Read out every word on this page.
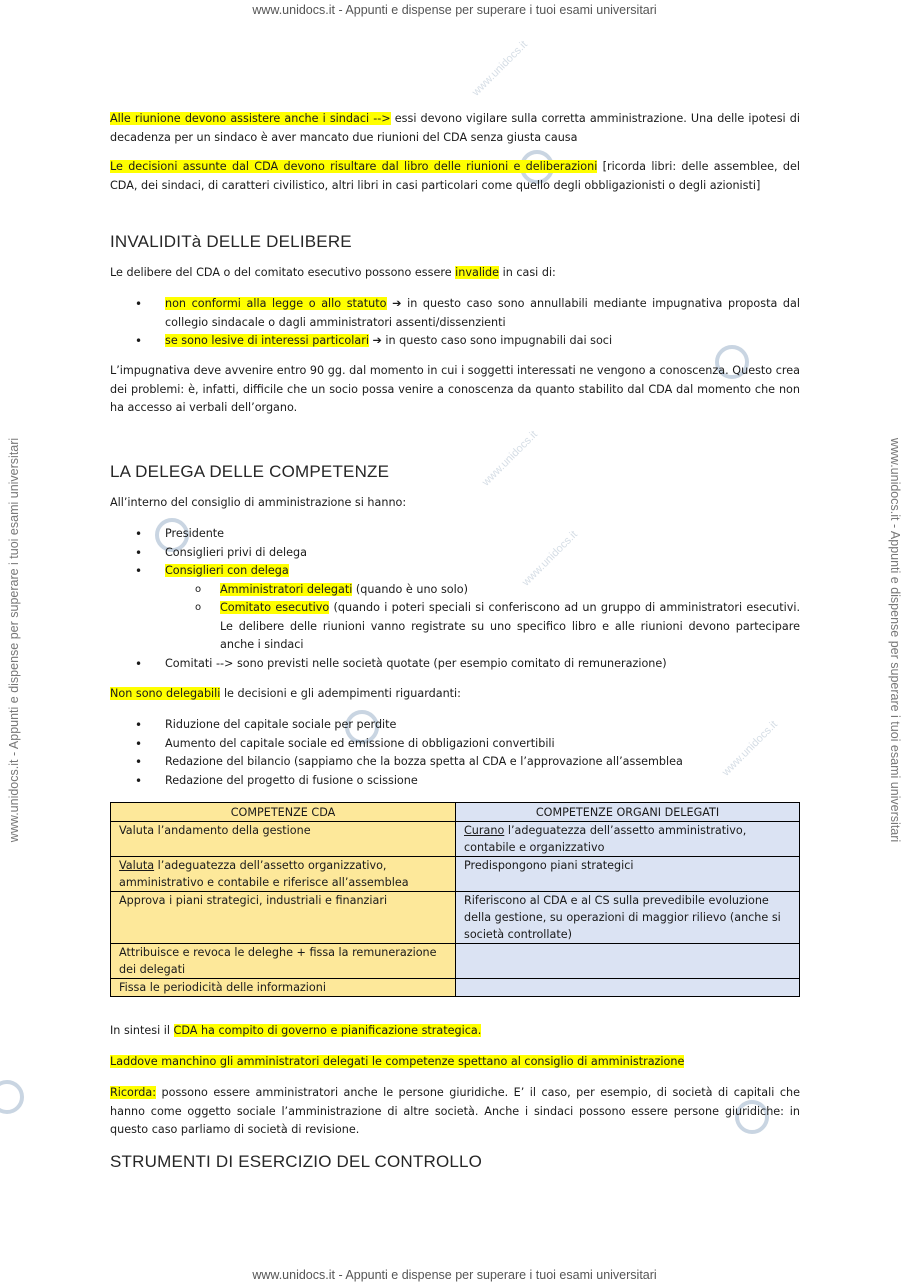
www.unidocs.it - Appunti e dispense per superare i tuoi esami universitari
www.unidocs.it - Appunti e dispense per superare i tuoi esami universitari
www.unidocs.it - Appunti e dispense per superare i tuoi esami universitari	www.unidocs.it - Appunti e dispense per superare i tuoi esami universitari
www.unidocs.it
www.unidocs.it
www.unidocs.it
www.unidocs.it

Alle riunione devono assistere anche i sindaci --> essi devono vigilare sulla corretta amministrazione. Una delle ipotesi di decadenza per un sindaco è aver mancato due riunioni del CDA senza giusta causa

Le decisioni assunte dal CDA devono risultare dal libro delle riunioni e deliberazioni [ricorda libri: delle assemblee, del CDA, dei sindaci, di caratteri civilistico, altri libri in casi particolari come quello degli obbligazionisti o degli azionisti]

INVALIDITà DELLE DELIBERE

Le delibere del CDA o del comitato esecutivo possono essere invalide in casi di:

• non conformi alla legge o allo statuto ➔ in questo caso sono annullabili mediante impugnativa proposta dal collegio sindacale o dagli amministratori assenti/dissenzienti
• se sono lesive di interessi particolari ➔ in questo caso sono impugnabili dai soci

L’impugnativa deve avvenire entro 90 gg. dal momento in cui i soggetti interessati ne vengono a conoscenza. Questo crea dei problemi: è, infatti, difficile che un socio possa venire a conoscenza da quanto stabilito dal CDA dal momento che non ha accesso ai verbali dell’organo.

LA DELEGA DELLE COMPETENZE

All’interno del consiglio di amministrazione si hanno:

• Presidente
• Consiglieri privi di delega
• Consiglieri con delega
o Amministratori delegati (quando è uno solo)
o Comitato esecutivo (quando i poteri speciali si conferiscono ad un gruppo di amministratori esecutivi. Le delibere delle riunioni vanno registrate su uno specifico libro e alle riunioni devono partecipare anche i sindaci
• Comitati --> sono previsti nelle società quotate (per esempio comitato di remunerazione)

Non sono delegabili le decisioni e gli adempimenti riguardanti:

• Riduzione del capitale sociale per perdite
• Aumento del capitale sociale ed emissione di obbligazioni convertibili
• Redazione del bilancio (sappiamo che la bozza spetta al CDA e l’approvazione all’assemblea
• Redazione del progetto di fusione o scissione
COMPETENZE CDA	COMPETENZE ORGANI DELEGATI
Valuta l’andamento della gestione	Curano l’adeguatezza dell’assetto amministrativo, contabile e organizzativo
Valuta l’adeguatezza dell’assetto organizzativo, amministrativo e contabile e riferisce all’assemblea	Predispongono piani strategici
Approva i piani strategici, industriali e finanziari	Riferiscono al CDA e al CS sulla prevedibile evoluzione della gestione, su operazioni di maggior rilievo (anche si società controllate)
Attribuisce e revoca le deleghe + fissa la remunerazione dei delegati	
Fissa le periodicità delle informazioni	

In sintesi il CDA ha compito di governo e pianificazione strategica.

Laddove manchino gli amministratori delegati le competenze spettano al consiglio di amministrazione

Ricorda: possono essere amministratori anche le persone giuridiche. E’ il caso, per esempio, di società di capitali che hanno come oggetto sociale l’amministrazione di altre società. Anche i sindaci possono essere persone giuridiche: in questo caso parliamo di società di revisione.

STRUMENTI DI ESERCIZIO DEL CONTROLLO
